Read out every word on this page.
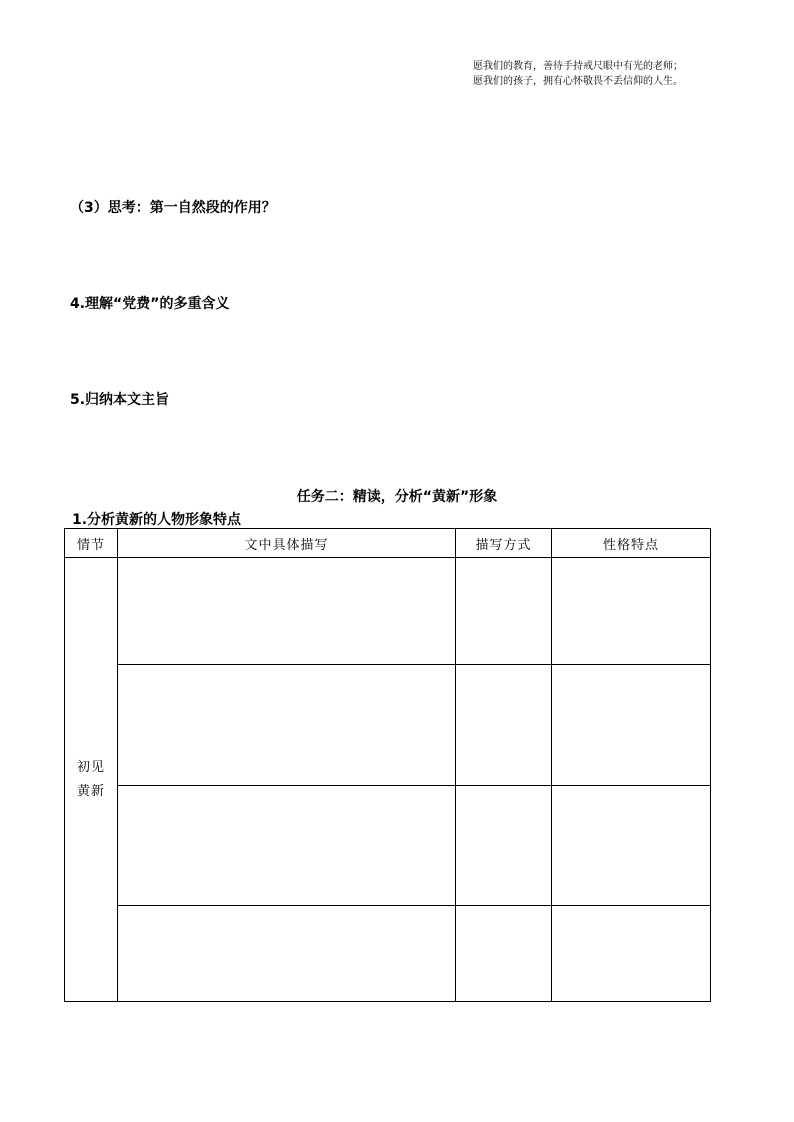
愿我们的教育，善待手持戒尺眼中有光的老师；
愿我们的孩子，拥有心怀敬畏不丢信仰的人生。
（3）思考：第一自然段的作用？
4.理解“党费”的多重含义
5.归纳本文主旨
任务二：精读，分析“黄新”形象
1.分析黄新的人物形象特点
情节	文中具体描写	描写方式	性格特点

初见
黄新			
